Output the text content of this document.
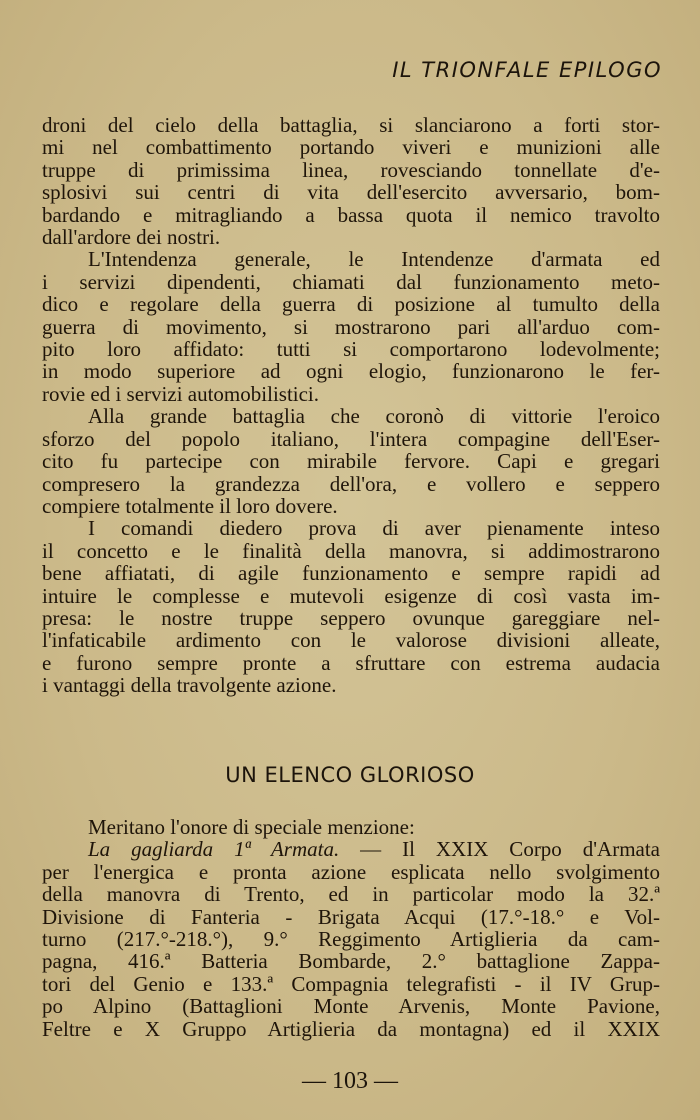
IL TRIONFALE EPILOGO
droni del cielo della battaglia, si slanciarono a forti stor-
mi nel combattimento portando viveri e munizioni alle
truppe di primissima linea, rovesciando tonnellate d'e-
splosivi sui centri di vita dell'esercito avversario, bom-
bardando e mitragliando a bassa quota il nemico travolto
dall'ardore dei nostri.
L'Intendenza generale, le Intendenze d'armata ed
i servizi dipendenti, chiamati dal funzionamento meto-
dico e regolare della guerra di posizione al tumulto della
guerra di movimento, si mostrarono pari all'arduo com-
pito loro affidato: tutti si comportarono lodevolmente;
in modo superiore ad ogni elogio, funzionarono le fer-
rovie ed i servizi automobilistici.
Alla grande battaglia che coronò di vittorie l'eroico
sforzo del popolo italiano, l'intera compagine dell'Eser-
cito fu partecipe con mirabile fervore. Capi e gregari
compresero la grandezza dell'ora, e vollero e seppero
compiere totalmente il loro dovere.
I comandi diedero prova di aver pienamente inteso
il concetto e le finalità della manovra, si addimostrarono
bene affiatati, di agile funzionamento e sempre rapidi ad
intuire le complesse e mutevoli esigenze di così vasta im-
presa: le nostre truppe seppero ovunque gareggiare nel-
l'infaticabile ardimento con le valorose divisioni alleate,
e furono sempre pronte a sfruttare con estrema audacia
i vantaggi della travolgente azione.
UN ELENCO GLORIOSO
Meritano l'onore di speciale menzione:
La gagliarda 1ª Armata. — Il XXIX Corpo d'Armata
per l'energica e pronta azione esplicata nello svolgimento
della manovra di Trento, ed in particolar modo la 32.ª
Divisione di Fanteria - Brigata Acqui (17.°-18.° e Vol-
turno (217.°-218.°), 9.° Reggimento Artiglieria da cam-
pagna, 416.ª Batteria Bombarde, 2.° battaglione Zappa-
tori del Genio e 133.ª Compagnia telegrafisti - il IV Grup-
po Alpino (Battaglioni Monte Arvenis, Monte Pavione,
Feltre e X Gruppo Artiglieria da montagna) ed il XXIX
— 103 —
